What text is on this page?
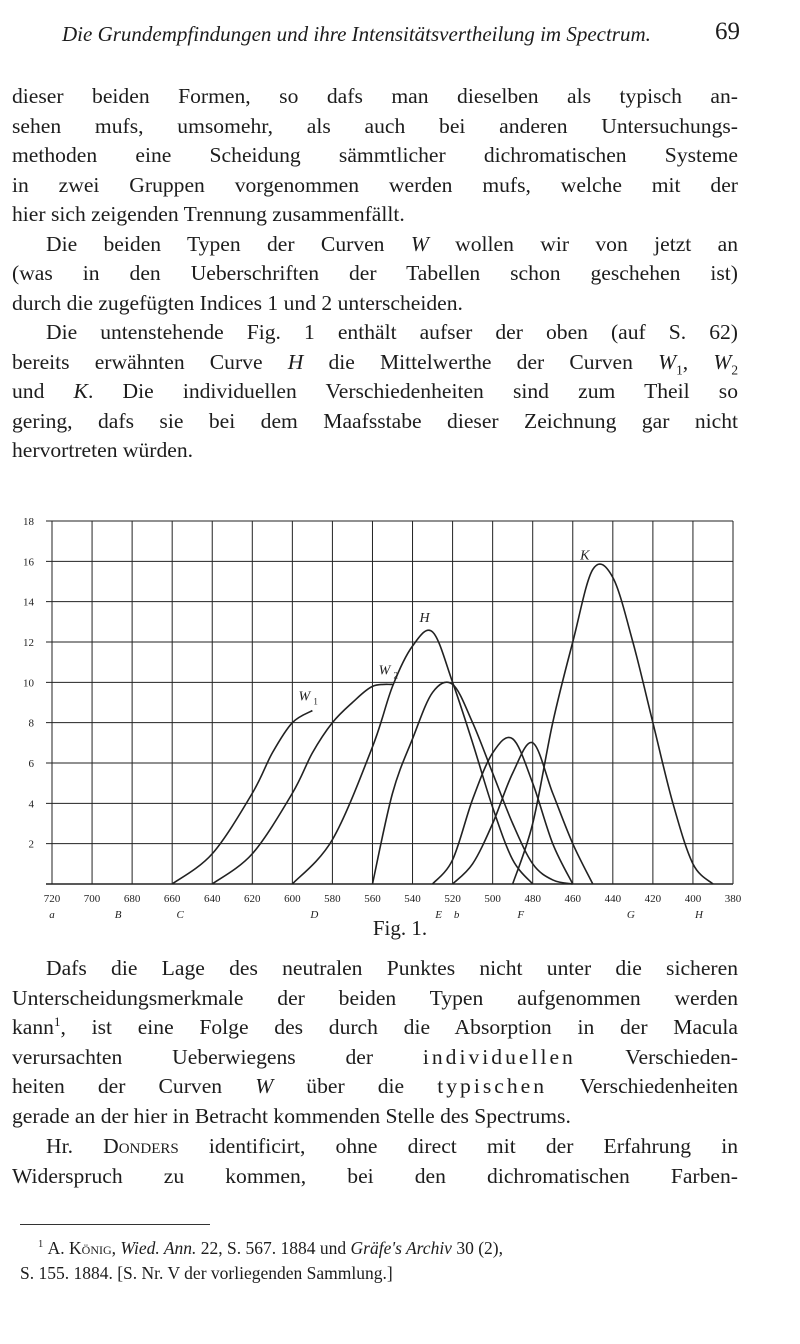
Die Grundempfindungen und ihre Intensitätsvertheilung im Spectrum.	69
dieser beiden Formen, so dafs man dieselben als typisch an-
sehen mufs, umsomehr, als auch bei anderen Untersuchungs-
methoden eine Scheidung sämmtlicher dichromatischen Systeme
in zwei Gruppen vorgenommen werden mufs, welche mit der
hier sich zeigenden Trennung zusammenfällt.
Die beiden Typen der Curven W wollen wir von jetzt an
(was in den Ueberschriften der Tabellen schon geschehen ist)
durch die zugefügten Indices 1 und 2 unterscheiden.
Die untenstehende Fig. 1 enthält aufser der oben (auf S. 62)
bereits erwähnten Curve H die Mittelwerthe der Curven $W_1$, $W_2$
und K. Die individuellen Verschiedenheiten sind zum Theil so
gering, dafs sie bei dem Maafsstabe dieser Zeichnung gar nicht
hervortreten würden.
2
4
6
8
10
12
14
16
18
720 700 680 660 640 620 600 580 560 540 520 500 480 460 440 420 400 380
a	B	C	D	E b	F	G	H
W 1
W 2
H
K
Fig. 1.
Dafs die Lage des neutralen Punktes nicht unter die sicheren
Unterscheidungsmerkmale der beiden Typen aufgenommen werden
kann$^1$, ist eine Folge des durch die Absorption in der Macula
verursachten Ueberwiegens der individuellen Verschieden-
heiten der Curven W über die typischen Verschiedenheiten
gerade an der hier in Betracht kommenden Stelle des Spectrums.
Hr. Donders identificirt, ohne direct mit der Erfahrung in
Widerspruch zu kommen, bei den dichromatischen Farben-
$^1$ A. König, Wied. Ann. 22, S. 567. 1884 und Gräfe's Archiv 30 (2),
S. 155. 1884. [S. Nr. V der vorliegenden Sammlung.]
